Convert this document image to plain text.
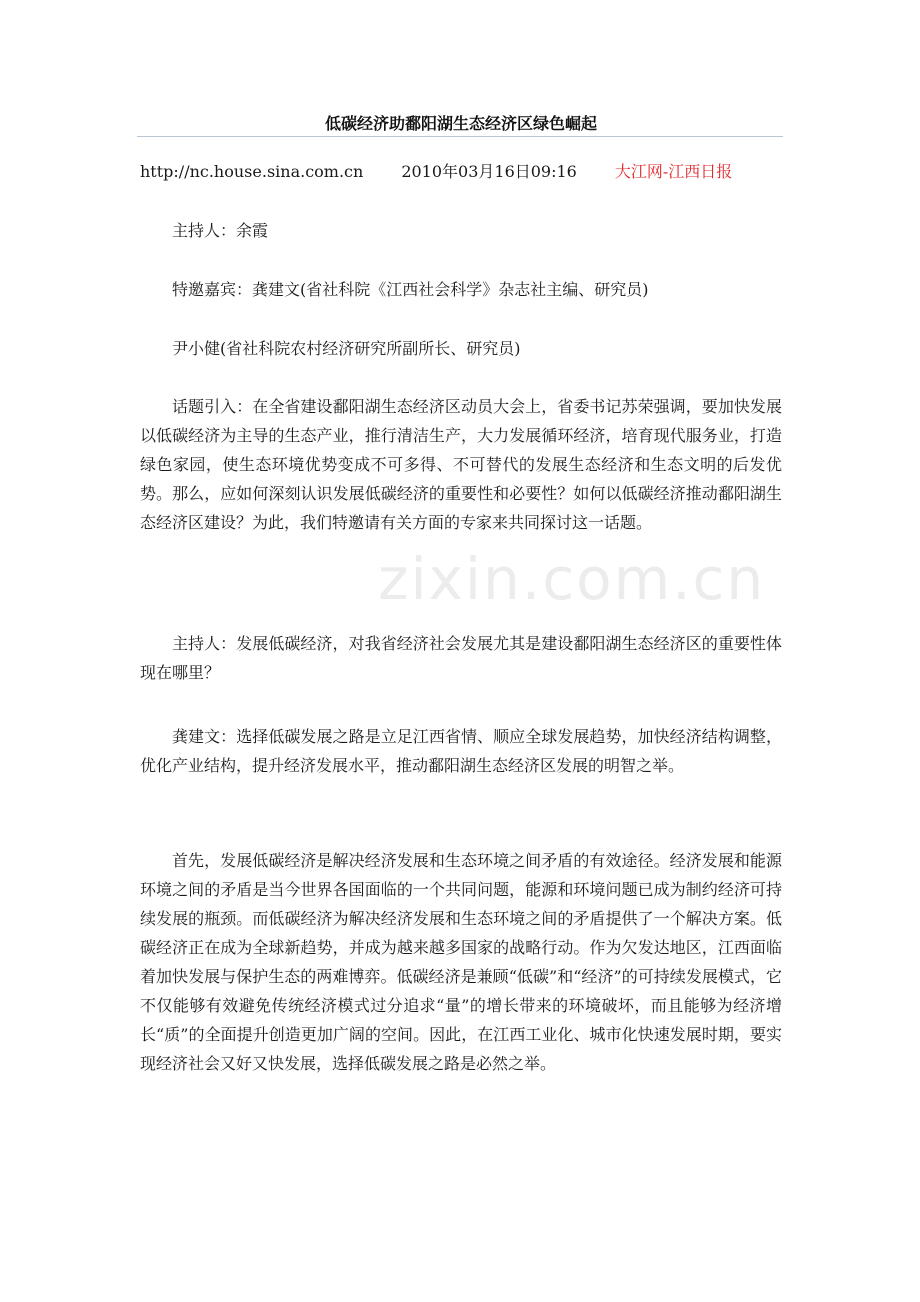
zixin.com.cn
低碳经济助鄱阳湖生态经济区绿色崛起
http://nc.house.sina.com.cn 2010年03月16日09:16 大江网-江西日报

主持人：余霞

特邀嘉宾：龚建文(省社科院《江西社会科学》杂志社主编、研究员)

尹小健(省社科院农村经济研究所副所长、研究员)

话题引入：在全省建设鄱阳湖生态经济区动员大会上，省委书记苏荣强调，要加快发展以低碳经济为主导的生态产业，推行清洁生产，大力发展循环经济，培育现代服务业，打造绿色家园，使生态环境优势变成不可多得、不可替代的发展生态经济和生态文明的后发优势。那么，应如何深刻认识发展低碳经济的重要性和必要性？如何以低碳经济推动鄱阳湖生态经济区建设？为此，我们特邀请有关方面的专家来共同探讨这一话题。

主持人：发展低碳经济，对我省经济社会发展尤其是建设鄱阳湖生态经济区的重要性体现在哪里？

龚建文：选择低碳发展之路是立足江西省情、顺应全球发展趋势，加快经济结构调整，优化产业结构，提升经济发展水平，推动鄱阳湖生态经济区发展的明智之举。

首先，发展低碳经济是解决经济发展和生态环境之间矛盾的有效途径。经济发展和能源环境之间的矛盾是当今世界各国面临的一个共同问题，能源和环境问题已成为制约经济可持续发展的瓶颈。而低碳经济为解决经济发展和生态环境之间的矛盾提供了一个解决方案。低碳经济正在成为全球新趋势，并成为越来越多国家的战略行动。作为欠发达地区，江西面临着加快发展与保护生态的两难博弈。低碳经济是兼顾“低碳”和“经济”的可持续发展模式，它不仅能够有效避免传统经济模式过分追求“量”的增长带来的环境破坏，而且能够为经济增长“质”的全面提升创造更加广阔的空间。因此，在江西工业化、城市化快速发展时期，要实现经济社会又好又快发展，选择低碳发展之路是必然之举。
